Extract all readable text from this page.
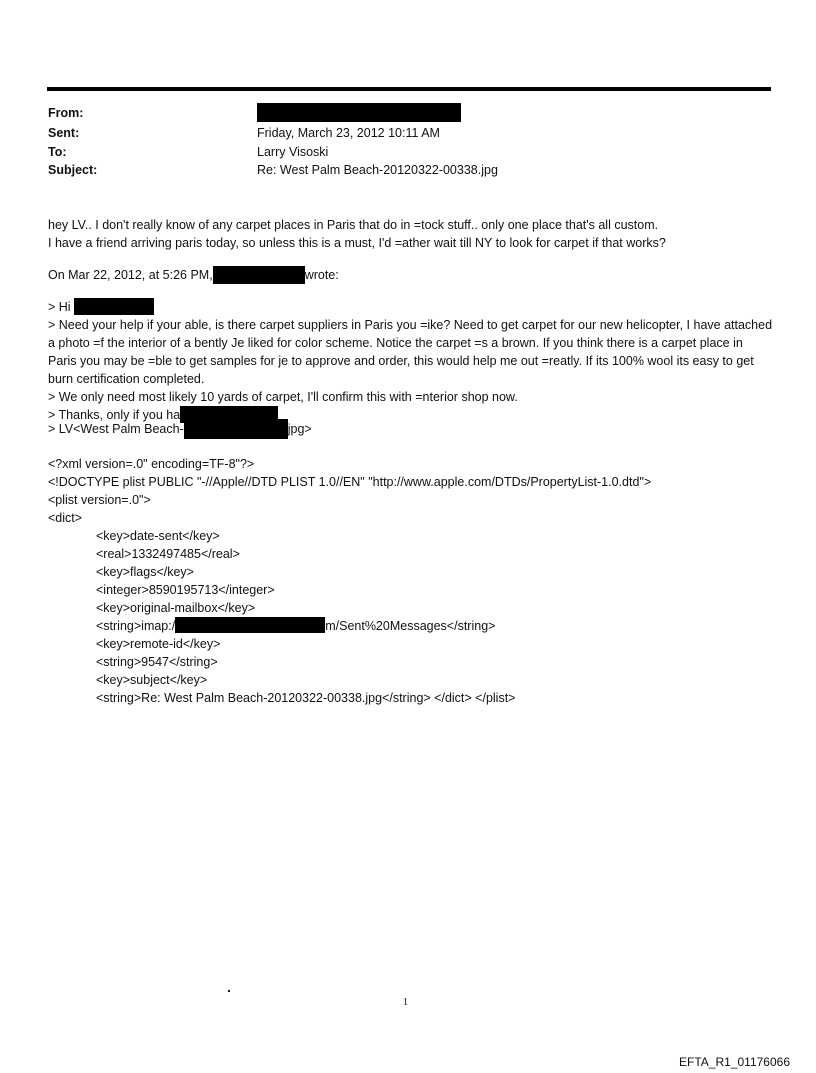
From:
Sent:	Friday, March 23, 2012 10:11 AM
To:	Larry Visoski
Subject:	Re: West Palm Beach-20120322-00338.jpg

hey LV.. I don't really know of any carpet places in Paris that do in =tock stuff.. only one place that's all custom.

I have a friend arriving paris today, so unless this is a must, I'd =ather wait till NY to look for carpet if that works?

On Mar 22, 2012, at 5:26 PM,	wrote:

> Hi

> Need your help if your able, is there carpet suppliers in Paris you =ike? Need to get carpet for our new helicopter, I have attached a photo =f the interior of a bently Je liked for color scheme. Notice the carpet =s a brown. If you think there is a carpet place in Paris you may be =ble to get samples for je to approve and order, this would help me out =reatly. If its 100% wool its easy to get burn certification completed.

> We only need most likely 10 yards of carpet, I'll confirm this with =nterior shop now.

> Thanks, only if you ha

> LV<West Palm Beach-	jpg>

<?xml version=.0" encoding=TF-8"?>

<!DOCTYPE plist PUBLIC "-//Apple//DTD PLIST 1.0//EN" "http://www.apple.com/DTDs/PropertyList-1.0.dtd">

<plist version=.0">

<dict>

<key>date-sent</key>

<real>1332497485</real>

<key>flags</key>

<integer>8590195713</integer>

<key>original-mailbox</key>

<string>imap:/	m/Sent%20Messages</string>

<key>remote-id</key>

<string>9547</string>

<key>subject</key>

<string>Re: West Palm Beach-20120322-00338.jpg</string> </dict> </plist>

.
1
EFTA_R1_01176066
